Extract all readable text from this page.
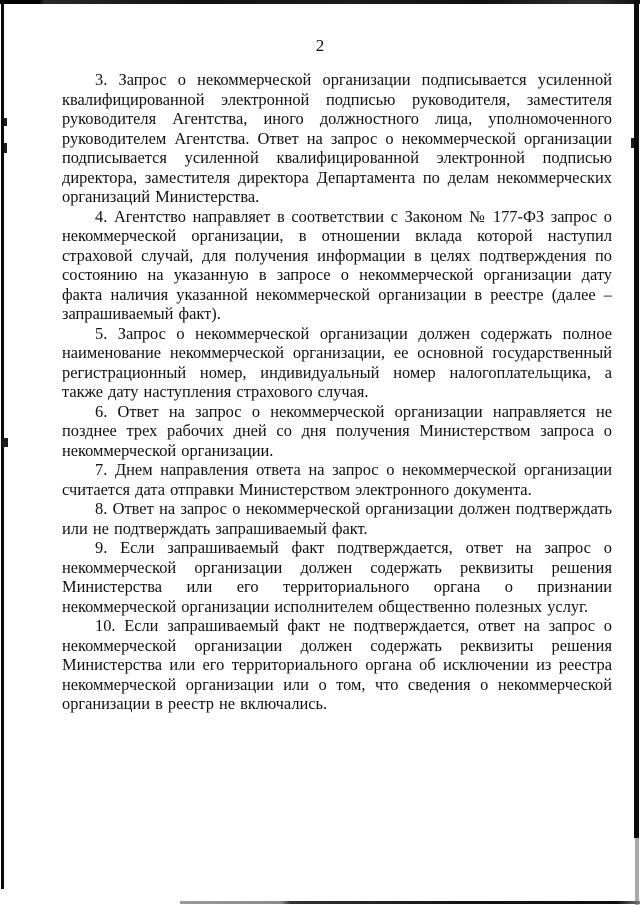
2

3. Запрос о некоммерческой организации подписывается усиленной квалифицированной электронной подписью руководителя, заместителя руководителя Агентства, иного должностного лица, уполномоченного руководителем Агентства. Ответ на запрос о некоммерческой организации подписывается усиленной квалифицированной электронной подписью директора, заместителя директора Департамента по делам некоммерческих организаций Министерства.

4. Агентство направляет в соответствии с Законом № 177-ФЗ запрос о некоммерческой организации, в отношении вклада которой наступил страховой случай, для получения информации в целях подтверждения по состоянию на указанную в запросе о некоммерческой организации дату факта наличия указанной некоммерческой организации в реестре (далее – запрашиваемый факт).

5. Запрос о некоммерческой организации должен содержать полное наименование некоммерческой организации, ее основной государственный регистрационный номер, индивидуальный номер налогоплательщика, а также дату наступления страхового случая.

6. Ответ на запрос о некоммерческой организации направляется не позднее трех рабочих дней со дня получения Министерством запроса о некоммерческой организации.

7. Днем направления ответа на запрос о некоммерческой организации считается дата отправки Министерством электронного документа.

8. Ответ на запрос о некоммерческой организации должен подтверждать или не подтверждать запрашиваемый факт.

9. Если запрашиваемый факт подтверждается, ответ на запрос о некоммерческой организации должен содержать реквизиты решения Министерства или его территориального органа о признании некоммерческой организации исполнителем общественно полезных услуг.

10. Если запрашиваемый факт не подтверждается, ответ на запрос о некоммерческой организации должен содержать реквизиты решения Министерства или его территориального органа об исключении из реестра некоммерческой организации или о том, что сведения о некоммерческой организации в реестр не включались.
